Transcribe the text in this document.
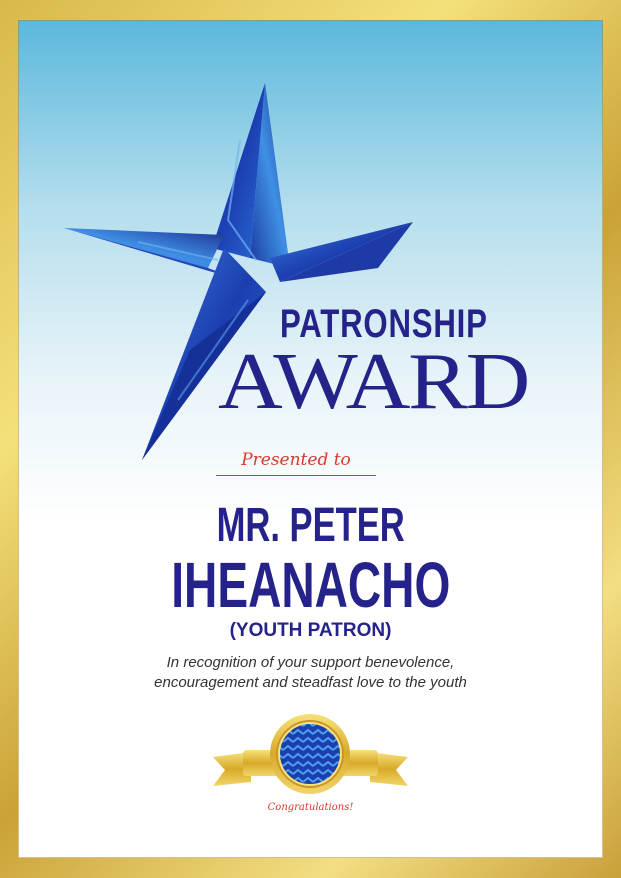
PATRONSHIP
AWARD
Presented to
MR. PETER
IHEANACHO
(YOUTH PATRON)
In recognition of your support benevolence,
encouragement and steadfast love to the youth
Congratulations!
